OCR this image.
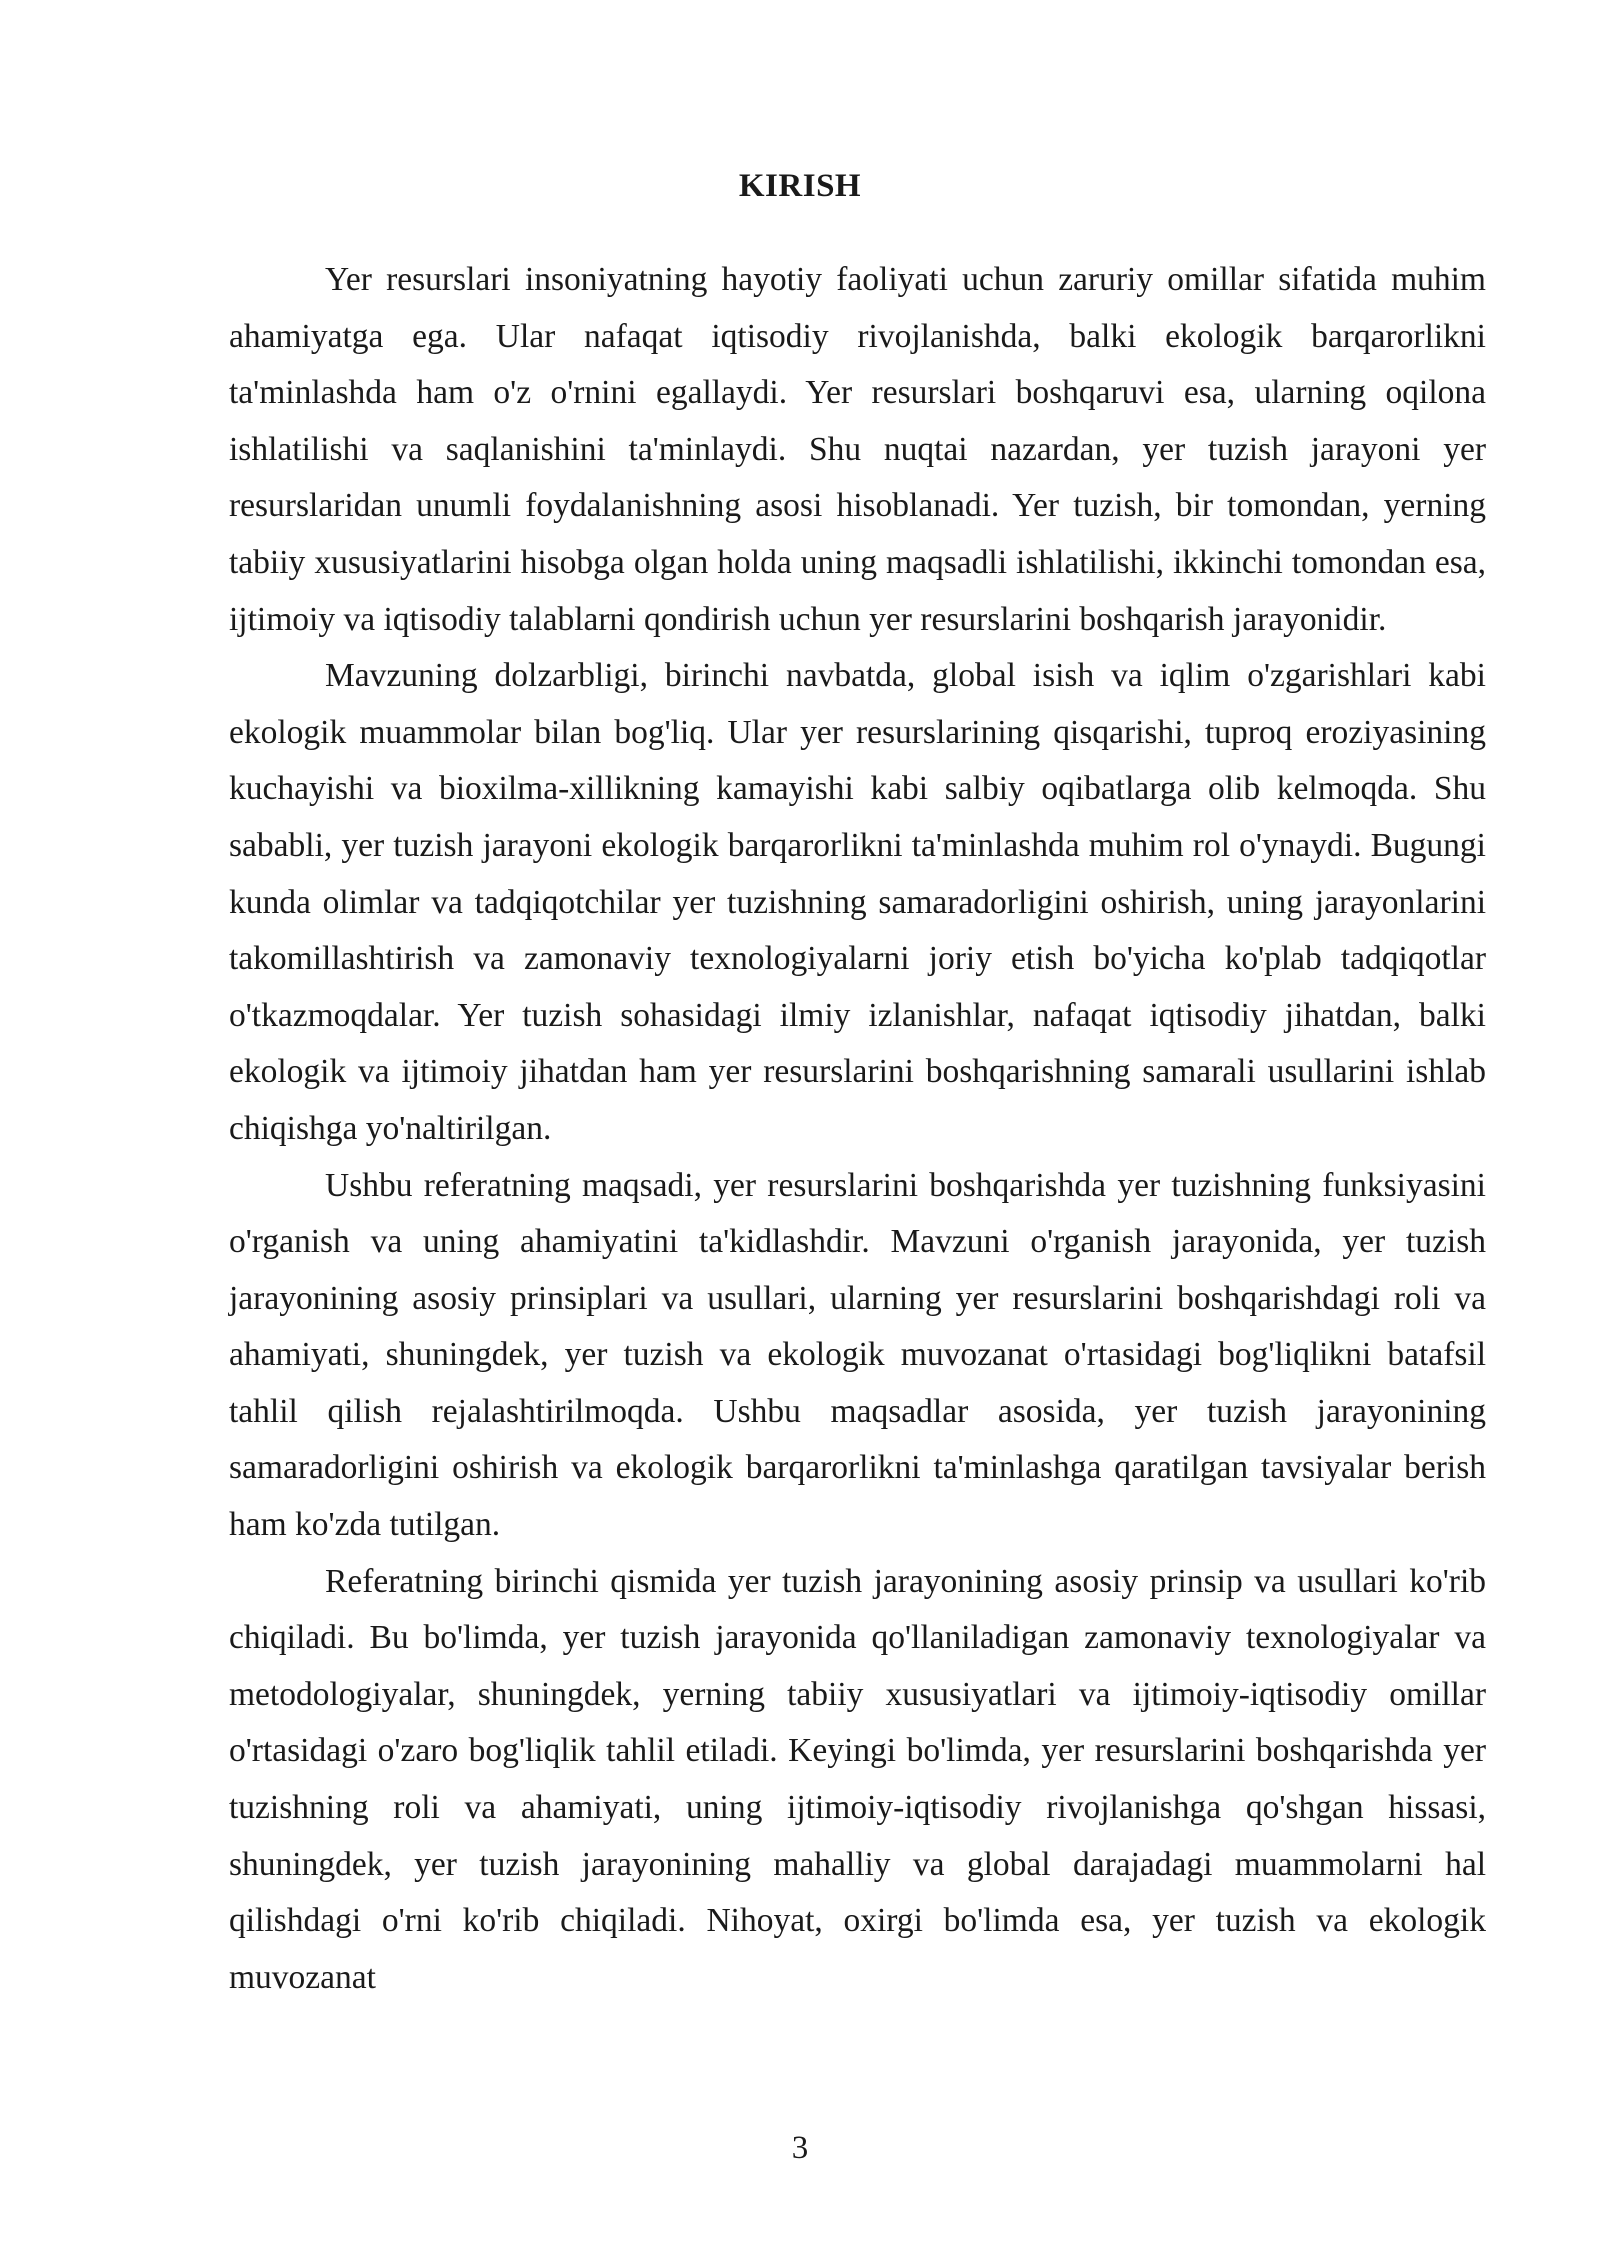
KIRISH

Yer resurslari insoniyatning hayotiy faoliyati uchun zaruriy omillar sifatida muhim ahamiyatga ega. Ular nafaqat iqtisodiy rivojlanishda, balki ekologik barqarorlikni ta'minlashda ham o'z o'rnini egallaydi. Yer resurslari boshqaruvi esa, ularning oqilona ishlatilishi va saqlanishini ta'minlaydi. Shu nuqtai nazardan, yer tuzish jarayoni yer resurslaridan unumli foydalanishning asosi hisoblanadi. Yer tuzish, bir tomondan, yerning tabiiy xususiyatlarini hisobga olgan holda uning maqsadli ishlatilishi, ikkinchi tomondan esa, ijtimoiy va iqtisodiy talablarni qondirish uchun yer resurslarini boshqarish jarayonidir.

Mavzuning dolzarbligi, birinchi navbatda, global isish va iqlim o'zgarishlari kabi ekologik muammolar bilan bog'liq. Ular yer resurslarining qisqarishi, tuproq eroziyasining kuchayishi va bioxilma-xillikning kamayishi kabi salbiy oqibatlarga olib kelmoqda. Shu sababli, yer tuzish jarayoni ekologik barqarorlikni ta'minlashda muhim rol o'ynaydi. Bugungi kunda olimlar va tadqiqotchilar yer tuzishning samaradorligini oshirish, uning jarayonlarini takomillashtirish va zamonaviy texnologiyalarni joriy etish bo'yicha ko'plab tadqiqotlar o'tkazmoqdalar. Yer tuzish sohasidagi ilmiy izlanishlar, nafaqat iqtisodiy jihatdan, balki ekologik va ijtimoiy jihatdan ham yer resurslarini boshqarishning samarali usullarini ishlab chiqishga yo'naltirilgan.

Ushbu referatning maqsadi, yer resurslarini boshqarishda yer tuzishning funksiyasini o'rganish va uning ahamiyatini ta'kidlashdir. Mavzuni o'rganish jarayonida, yer tuzish jarayonining asosiy prinsiplari va usullari, ularning yer resurslarini boshqarishdagi roli va ahamiyati, shuningdek, yer tuzish va ekologik muvozanat o'rtasidagi bog'liqlikni batafsil tahlil qilish rejalashtirilmoqda. Ushbu maqsadlar asosida, yer tuzish jarayonining samaradorligini oshirish va ekologik barqarorlikni ta'minlashga qaratilgan tavsiyalar berish ham ko'zda tutilgan.

Referatning birinchi qismida yer tuzish jarayonining asosiy prinsip va usullari ko'rib chiqiladi. Bu bo'limda, yer tuzish jarayonida qo'llaniladigan zamonaviy texnologiyalar va metodologiyalar, shuningdek, yerning tabiiy xususiyatlari va ijtimoiy-iqtisodiy omillar o'rtasidagi o'zaro bog'liqlik tahlil etiladi. Keyingi bo'limda, yer resurslarini boshqarishda yer tuzishning roli va ahamiyati, uning ijtimoiy-iqtisodiy rivojlanishga qo'shgan hissasi, shuningdek, yer tuzish jarayonining mahalliy va global darajadagi muammolarni hal qilishdagi o'rni ko'rib chiqiladi. Nihoyat, oxirgi bo'limda esa, yer tuzish va ekologik muvozanat

3
